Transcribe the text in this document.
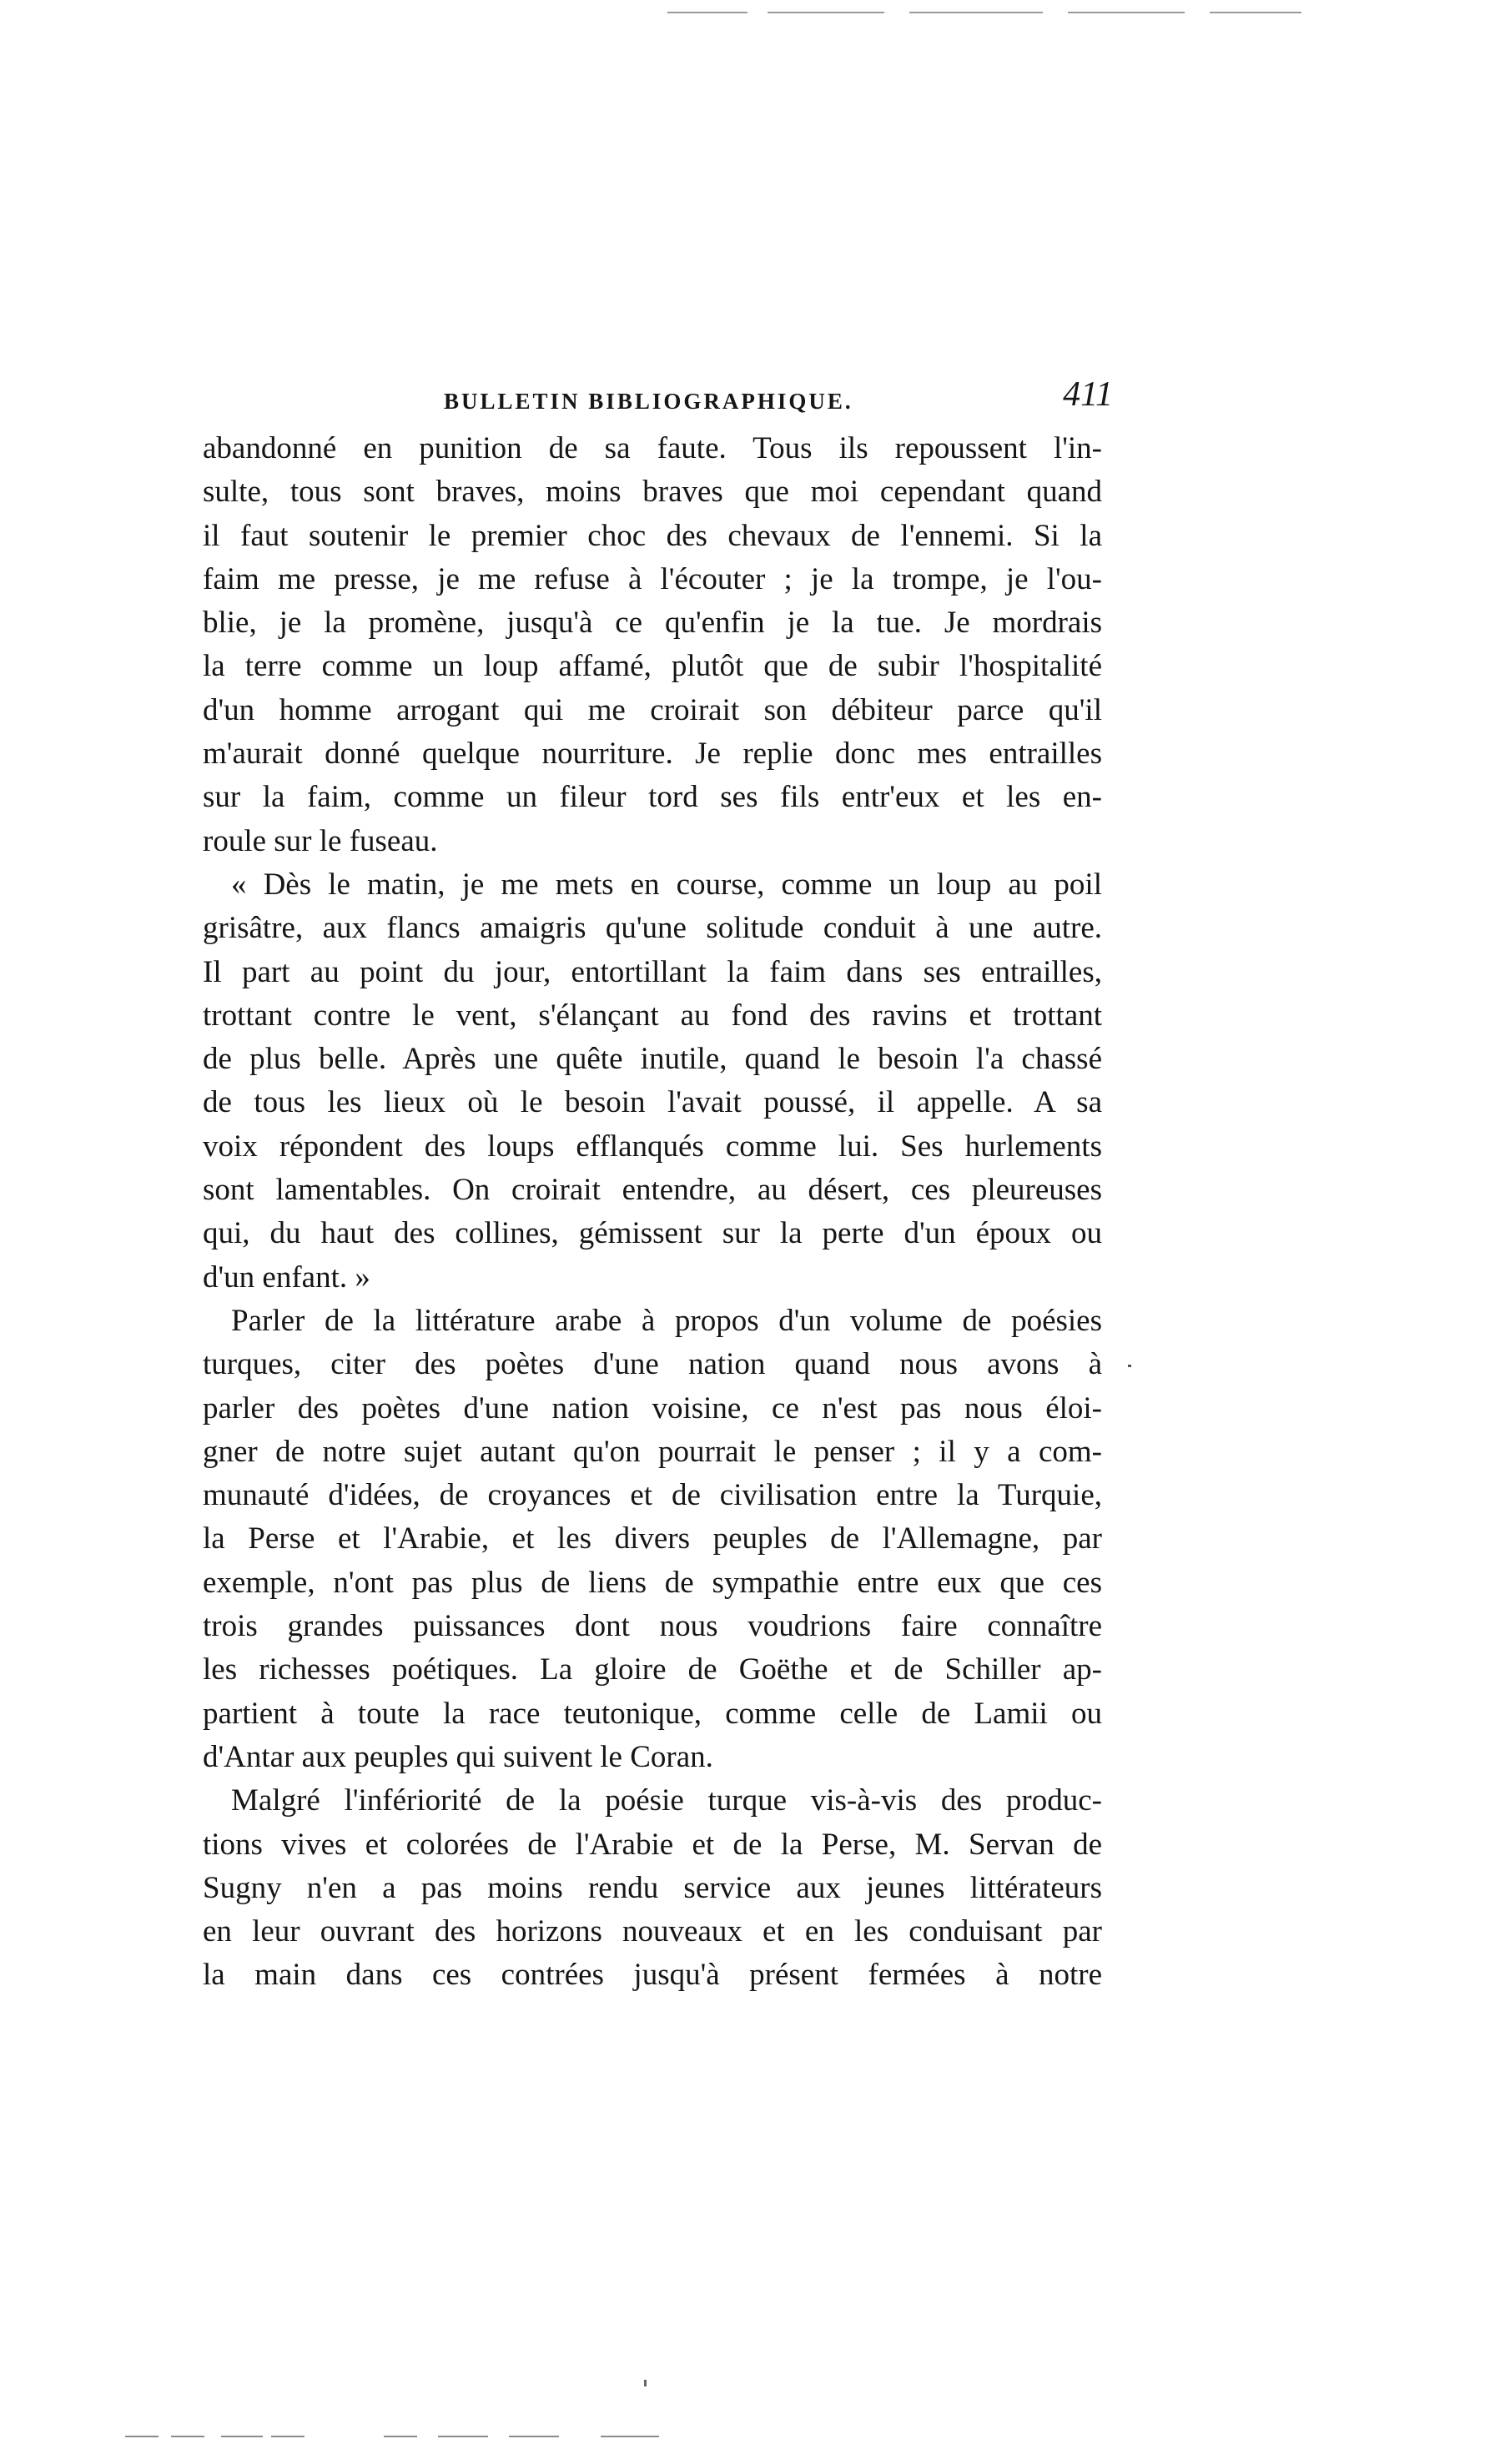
BULLETIN BIBLIOGRAPHIQUE.	411
abandonné en punition de sa faute. Tous ils repoussent l'in-
sulte, tous sont braves, moins braves que moi cependant quand
il faut soutenir le premier choc des chevaux de l'ennemi. Si la
faim me presse, je me refuse à l'écouter ; je la trompe, je l'ou-
blie, je la promène, jusqu'à ce qu'enfin je la tue. Je mordrais
la terre comme un loup affamé, plutôt que de subir l'hospitalité
d'un homme arrogant qui me croirait son débiteur parce qu'il
m'aurait donné quelque nourriture. Je replie donc mes entrailles
sur la faim, comme un fileur tord ses fils entr'eux et les en-
roule sur le fuseau.
« Dès le matin, je me mets en course, comme un loup au poil
grisâtre, aux flancs amaigris qu'une solitude conduit à une autre.
Il part au point du jour, entortillant la faim dans ses entrailles,
trottant contre le vent, s'élançant au fond des ravins et trottant
de plus belle. Après une quête inutile, quand le besoin l'a chassé
de tous les lieux où le besoin l'avait poussé, il appelle. A sa
voix répondent des loups efflanqués comme lui. Ses hurlements
sont lamentables. On croirait entendre, au désert, ces pleureuses
qui, du haut des collines, gémissent sur la perte d'un époux ou
d'un enfant. »
Parler de la littérature arabe à propos d'un volume de poésies
turques, citer des poètes d'une nation quand nous avons à
parler des poètes d'une nation voisine, ce n'est pas nous éloi-
gner de notre sujet autant qu'on pourrait le penser ; il y a com-
munauté d'idées, de croyances et de civilisation entre la Turquie,
la Perse et l'Arabie, et les divers peuples de l'Allemagne, par
exemple, n'ont pas plus de liens de sympathie entre eux que ces
trois grandes puissances dont nous voudrions faire connaître
les richesses poétiques. La gloire de Goëthe et de Schiller ap-
partient à toute la race teutonique, comme celle de Lamii ou
d'Antar aux peuples qui suivent le Coran.
Malgré l'infériorité de la poésie turque vis-à-vis des produc-
tions vives et colorées de l'Arabie et de la Perse, M. Servan de
Sugny n'en a pas moins rendu service aux jeunes littérateurs
en leur ouvrant des horizons nouveaux et en les conduisant par
la main dans ces contrées jusqu'à présent fermées à notre
